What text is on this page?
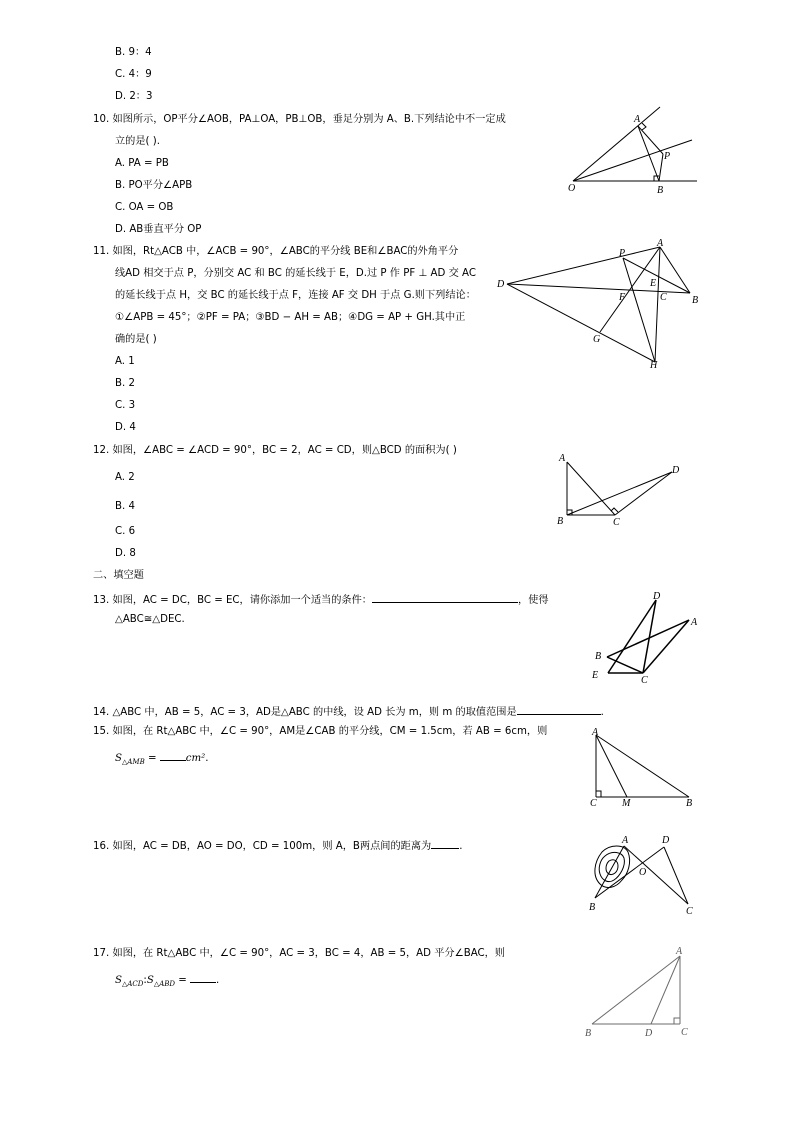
B. 9：4
C. 4：9
D. 2：3
10. 如图所示，OP平分∠AOB，PA⊥OA，PB⊥OB，垂足分别为 A、B.下列结论中不一定成
立的是( ).
A. PA = PB
B. PO平分∠APB
C. OA = OB
D. AB垂直平分 OP
A
P
O	B
11. 如图，Rt△ACB 中，∠ACB = 90°，∠ABC的平分线 BE和∠BAC的外角平分
线AD 相交于点 P，分别交 AC 和 BC 的延长线于 E，D.过 P 作 PF ⊥ AD 交 AC
的延长线于点 H，交 BC 的延长线于点 F，连接 AF 交 DH 于点 G.则下列结论：
①∠APB = 45°；②PF = PA；③BD − AH = AB；④DG = AP + GH.其中正
确的是( )
A. 1
B. 2
C. 3
D. 4
P
A
D	E
F	C	B
G
H
12. 如图，∠ABC = ∠ACD = 90°，BC = 2，AC = CD，则△BCD 的面积为( )
A. 2
B. 4
C. 6
D. 8
A
D
B	C
二、填空题
13. 如图，AC = DC，BC = EC，请你添加一个适当的条件：	，使得
△ABC≅△DEC.
D
A
B
E	C
14. △ABC 中，AB = 5，AC = 3，AD是△ABC 的中线，设 AD 长为 m，则 m 的取值范围是	.
15. 如图，在 Rt△ABC 中，∠C = 90°，AM是∠CAB 的平分线，CM = 1.5cm，若 AB = 6cm，则
$S_{\triangle AMB}$ =	cm².
A
C	M	B
16. 如图，AC = DB，AO = DO，CD = 100m，则 A，B两点间的距离为	.
A	D
O
B	C
17. 如图，在 Rt△ABC 中，∠C = 90°，AC = 3，BC = 4，AB = 5，AD 平分∠BAC，则
$S_{\triangle ACD}:S_{\triangle ABD}$ =	.
A
B	D	C
